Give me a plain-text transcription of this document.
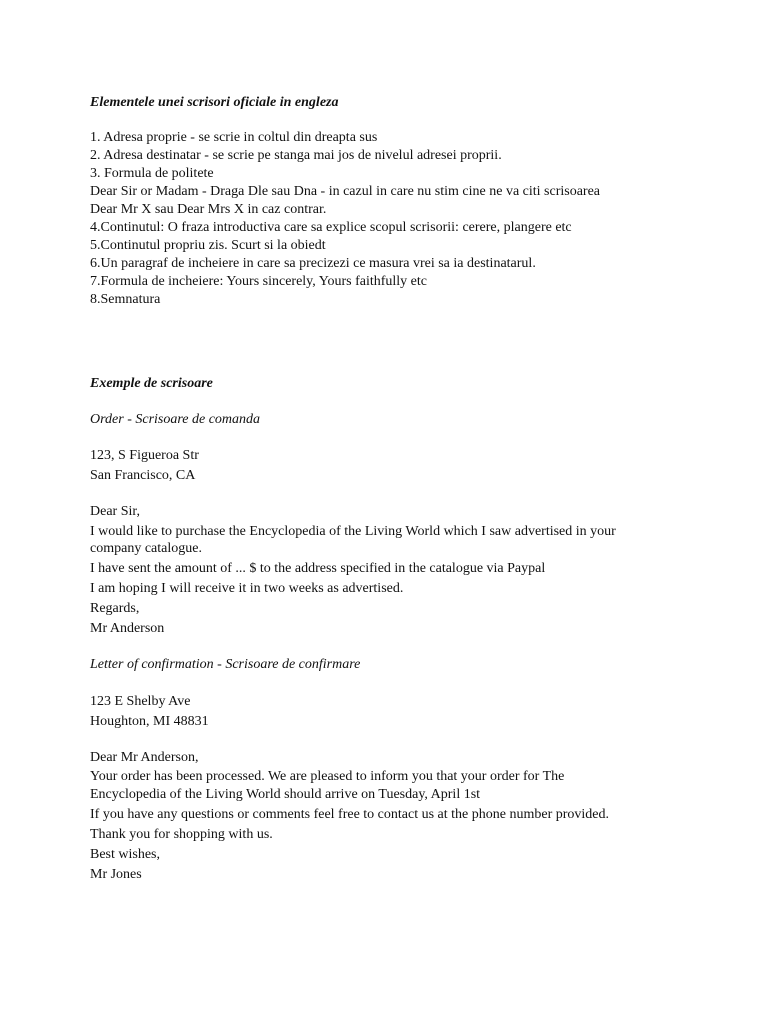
Elementele unei scrisori oficiale in engleza

1. Adresa proprie - se scrie in coltul din dreapta sus

2. Adresa destinatar - se scrie pe stanga mai jos de nivelul adresei proprii.

3. Formula de politete

Dear Sir or Madam - Draga Dle sau Dna - in cazul in care nu stim cine ne va citi scrisoarea

Dear Mr X sau Dear Mrs X in caz contrar.

4.Continutul: O fraza introductiva care sa explice scopul scrisorii: cerere, plangere etc

5.Continutul propriu zis. Scurt si la obiedt

6.Un paragraf de incheiere in care sa precizezi ce masura vrei sa ia destinatarul.

7.Formula de incheiere: Yours sincerely, Yours faithfully etc

8.Semnatura

Exemple de scrisoare

Order - Scrisoare de comanda

123, S Figueroa Str

San Francisco, CA

Dear Sir,

I would like to purchase the Encyclopedia of the Living World which I saw advertised in your

company catalogue.

I have sent the amount of ... $ to the address specified in the catalogue via Paypal

I am hoping I will receive it in two weeks as advertised.

Regards,

Mr Anderson

Letter of confirmation - Scrisoare de confirmare

123 E Shelby Ave

Houghton, MI 48831

Dear Mr Anderson,

Your order has been processed. We are pleased to inform you that your order for The

Encyclopedia of the Living World should arrive on Tuesday, April 1st

If you have any questions or comments feel free to contact us at the phone number provided.

Thank you for shopping with us.

Best wishes,

Mr Jones
